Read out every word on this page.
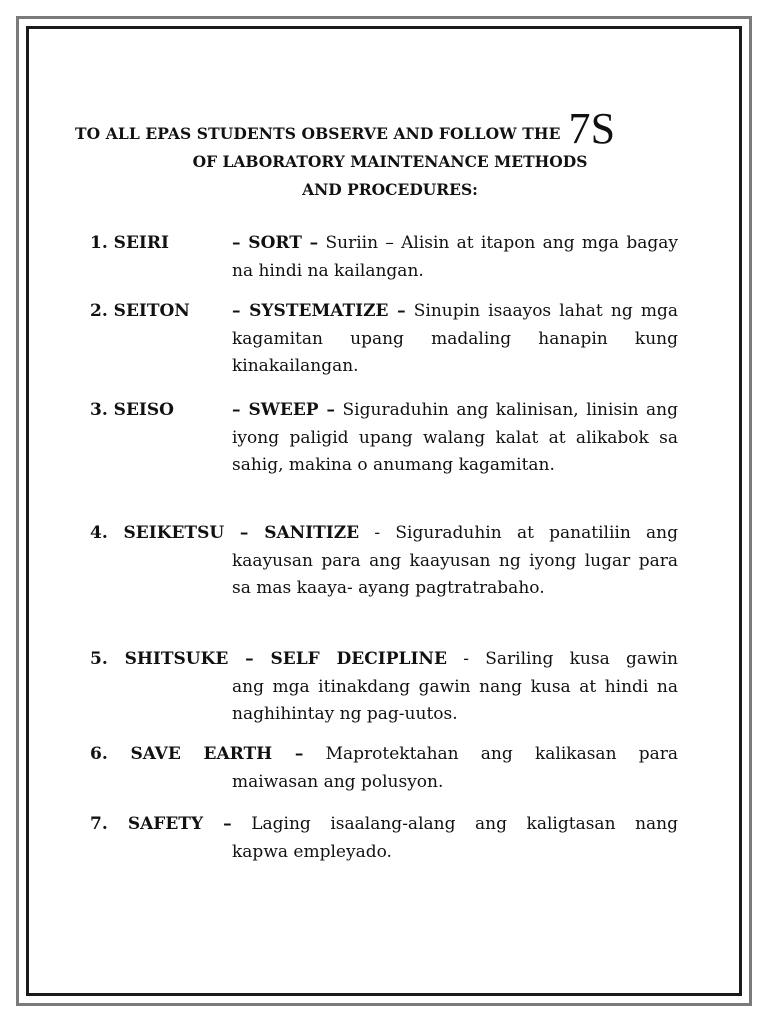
TO ALL EPAS STUDENTS OBSERVE AND FOLLOW THE 7S
OF LABORATORY MAINTENANCE METHODS
AND PROCEDURES:
1. SEIRI	– SORT – Suriin – Alisin at itapon ang mga bagay na hindi na kailangan.
2. SEITON – SYSTEMATIZE – Sinupin isaayos lahat ng mga kagamitan upang madaling hanapin kung kinakailangan.
3. SEISO	– SWEEP – Siguraduhin ang kalinisan, linisin ang iyong paligid upang walang kalat at alikabok sa sahig, makina o anumang kagamitan.
4. SEIKETSU – SANITIZE - Siguraduhin at panatiliin ang
kaayusan para ang kaayusan ng iyong lugar para sa mas kaaya- ayang pagtratrabaho.
5. SHITSUKE – SELF DECIPLINE - Sariling kusa gawin
ang mga itinakdang gawin nang kusa at hindi na naghihintay ng pag-uutos.
6. SAVE EARTH – Maprotektahan ang kalikasan para
maiwasan ang polusyon.
7. SAFETY – Laging isaalang-alang ang kaligtasan nang
kapwa empleyado.
